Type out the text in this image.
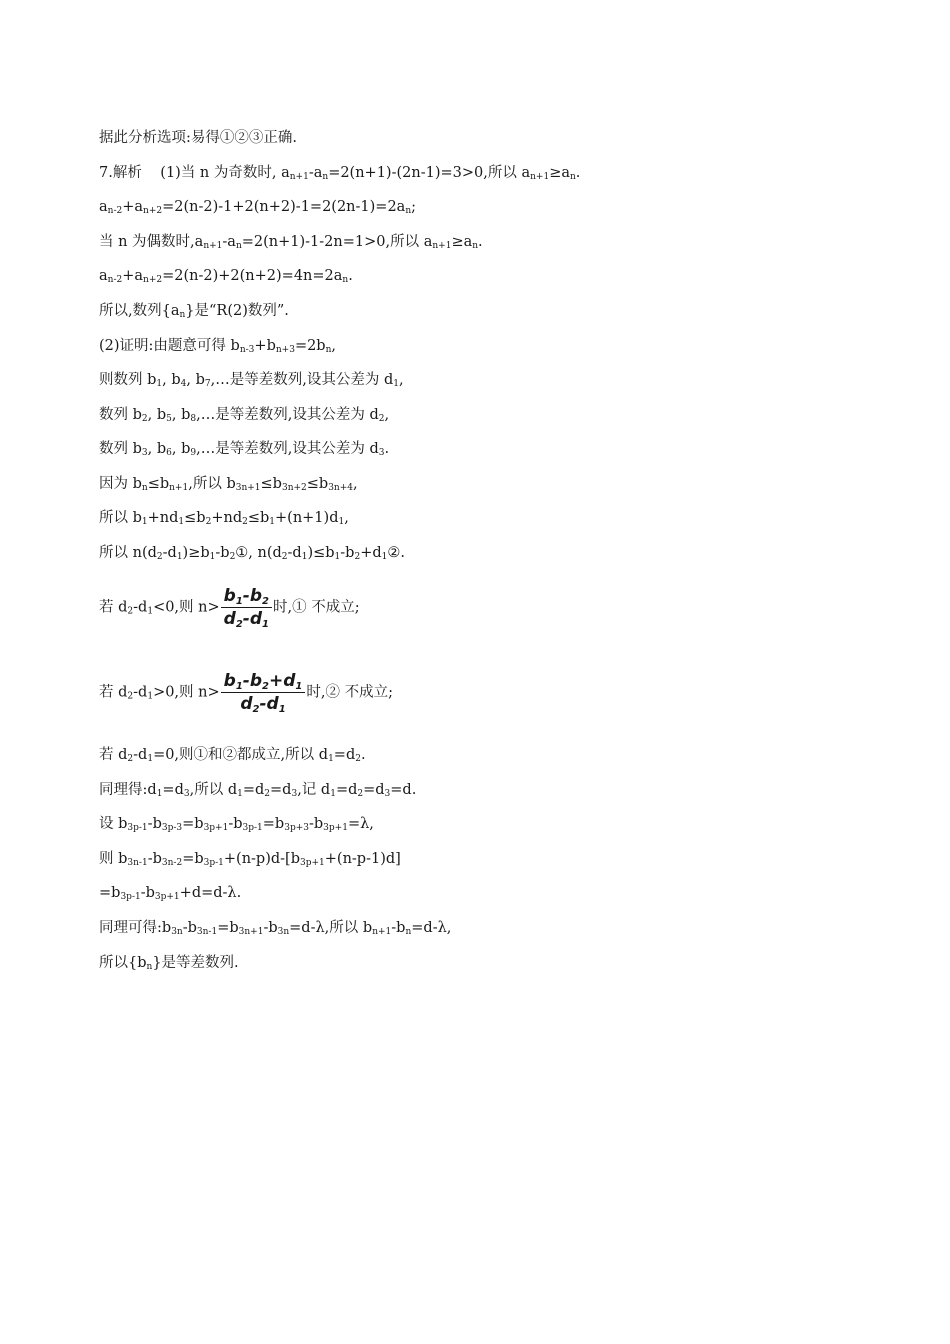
据此分析选项:易得①②③正确.
7.解析 (1)当 n 为奇数时, $a_{n+1}-a_n=2(n+1)-(2n-1)=3>0$,所以 $a_{n+1}\ge a_n$.
$a_{n-2}+a_{n+2}=2(n-2)-1+2(n+2)-1=2(2n-1)=2a_n$;
当 n 为偶数时$,a_{n+1}-a_n=2(n+1)-1-2n=1>0$,所以 $a_{n+1}\ge a_n$.
$a_{n-2}+a_{n+2}=2(n-2)+2(n+2)=4n=2a_n$.
所以,数列$\{a_n\}$是“R(2)数列”.
(2)证明:由题意可得 $b_{n-3}+b_{n+3}=2b_n$,
则数列 $b_1$, $b_4$, $b_7,\dots$是等差数列,设其公差为 $d_1$,
数列 $b_2$, $b_5$, $b_8,\dots$是等差数列,设其公差为 $d_2$,
数列 $b_3$, $b_6$, $b_9,\dots$是等差数列,设其公差为 $d_3$.
因为 $b_n\le b_{n+1}$,所以 $b_{3n+1}\le b_{3n+2}\le b_{3n+4}$,
所以 $b_1+nd_1\le b_2+nd_2\le b_1+(n+1)d_1$,
所以 $n(d_2-d_1)\ge b_1-b_2①$, $n(d_2-d_1)\le b_1-b_2+d_1②$.
若 $d_2-d_1<0$,则 $n> \frac{b_1-b_2}{d_2-d_1}$ 时,① 不成立;
若 $d_2-d_1>0$,则 $n> \frac{b_1-b_2+d_1}{d_2-d_1}$ 时,② 不成立;
若 $d_2-d_1=0$,则①和②都成立,所以 $d_1=d_2$.
同理得$:d_1=d_3$,所以 $d_1=d_2=d_3$,记 $d_1=d_2=d_3=d$.
设 $b_{3p-1}-b_{3p-3}=b_{3p+1}-b_{3p-1}=b_{3p+3}-b_{3p+1}=\lambda$,
则 $b_{3n-1}-b_{3n-2}=b_{3p-1}+(n-p)d-[b_{3p+1}+(n-p-1)d]$
$=b_{3p-1}-b_{3p+1}+d=d-\lambda$.
同理可得$:b_{3n}-b_{3n-1}=b_{3n+1}-b_{3n}=d-\lambda$,所以 $b_{n+1}-b_n=d-\lambda$,
所以$\{b_n\}$是等差数列.
